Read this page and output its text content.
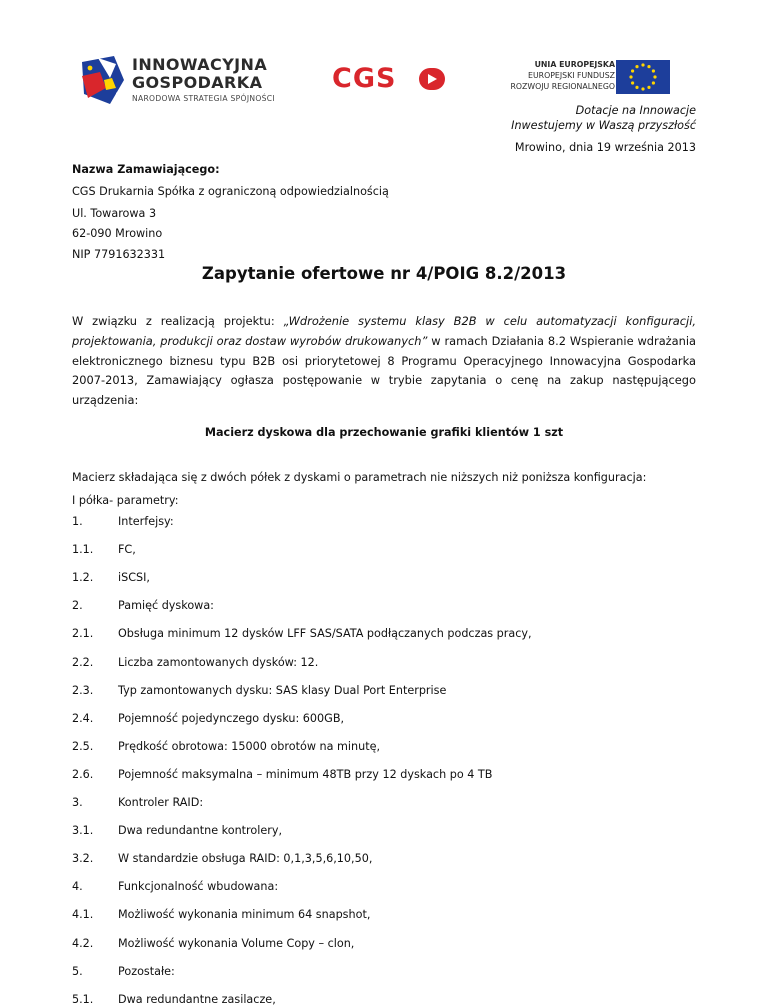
INNOWACYJNA
GOSPODARKA
NARODOWA STRATEGIA SPÓJNOŚCI
CGS	UNIA EUROPEJSKA
EUROPEJSKI FUNDUSZ
ROZWOJU REGIONALNEGO
Dotacje na Innowacje
Inwestujemy w Waszą przyszłość
Mrowino, dnia 19 września 2013
Nazwa Zamawiającego:
CGS Drukarnia Spółka z ograniczoną odpowiedzialnością
Ul. Towarowa 3
62-090 Mrowino
NIP 7791632331
Zapytanie ofertowe nr 4/POIG 8.2/2013
W związku z realizacją projektu: „Wdrożenie systemu klasy B2B w celu automatyzacji konfiguracji, projektowania, produkcji oraz dostaw wyrobów drukowanych” w ramach Działania 8.2 Wspieranie wdrażania elektronicznego biznesu typu B2B osi priorytetowej 8 Programu Operacyjnego Innowacyjna Gospodarka 2007-2013, Zamawiający ogłasza postępowanie w trybie zapytania o cenę na zakup następującego urządzenia:
Macierz dyskowa dla przechowanie grafiki klientów 1 szt
Macierz składająca się z dwóch półek z dyskami o parametrach nie niższych niż poniższa konfiguracja:
I półka- parametry:
1.	Interfejsy:
1.1. FC,
1.2. iSCSI,
2.	Pamięć dyskowa:
2.1. Obsługa minimum 12 dysków LFF SAS/SATA podłączanych podczas pracy,
2.2. Liczba zamontowanych dysków: 12.
2.3. Typ zamontowanych dysku: SAS klasy Dual Port Enterprise
2.4. Pojemność pojedynczego dysku: 600GB,
2.5. Prędkość obrotowa: 15000 obrotów na minutę,
2.6. Pojemność maksymalna – minimum 48TB przy 12 dyskach po 4 TB
3.	Kontroler RAID:
3.1. Dwa redundantne kontrolery,
3.2. W standardzie obsługa RAID: 0,1,3,5,6,10,50,
4.	Funkcjonalność wbudowana:
4.1. Możliwość wykonania minimum 64 snapshot,
4.2. Możliwość wykonania Volume Copy – clon,
5.	Pozostałe:
5.1. Dwa redundantne zasilacze,
